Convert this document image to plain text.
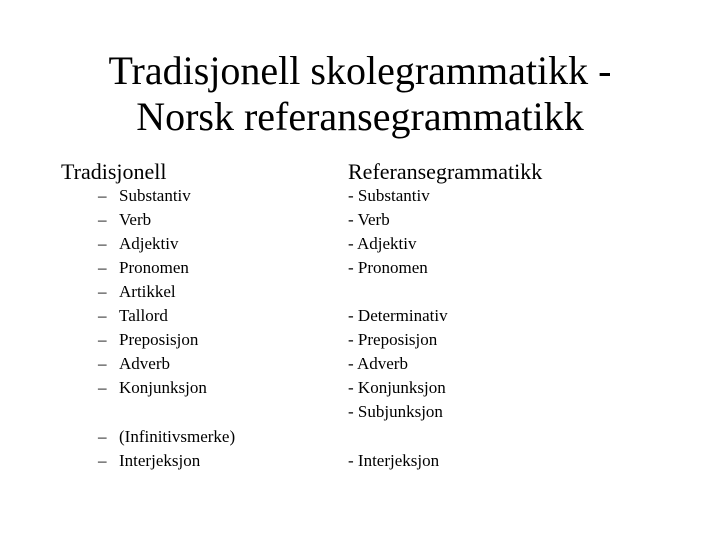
Tradisjonell skolegrammatikk -
Norsk referansegrammatikk
Tradisjonell	Referansegrammatikk
– Substantiv
– Verb
– Adjektiv
– Pronomen
– Artikkel
– Tallord
– Preposisjon
– Adverb
– Konjunksjon
– (Infinitivsmerke)
– Interjeksjon
- Substantiv
- Verb
- Adjektiv
- Pronomen
- Determinativ
- Preposisjon
- Adverb
- Konjunksjon
- Subjunksjon
- Interjeksjon
